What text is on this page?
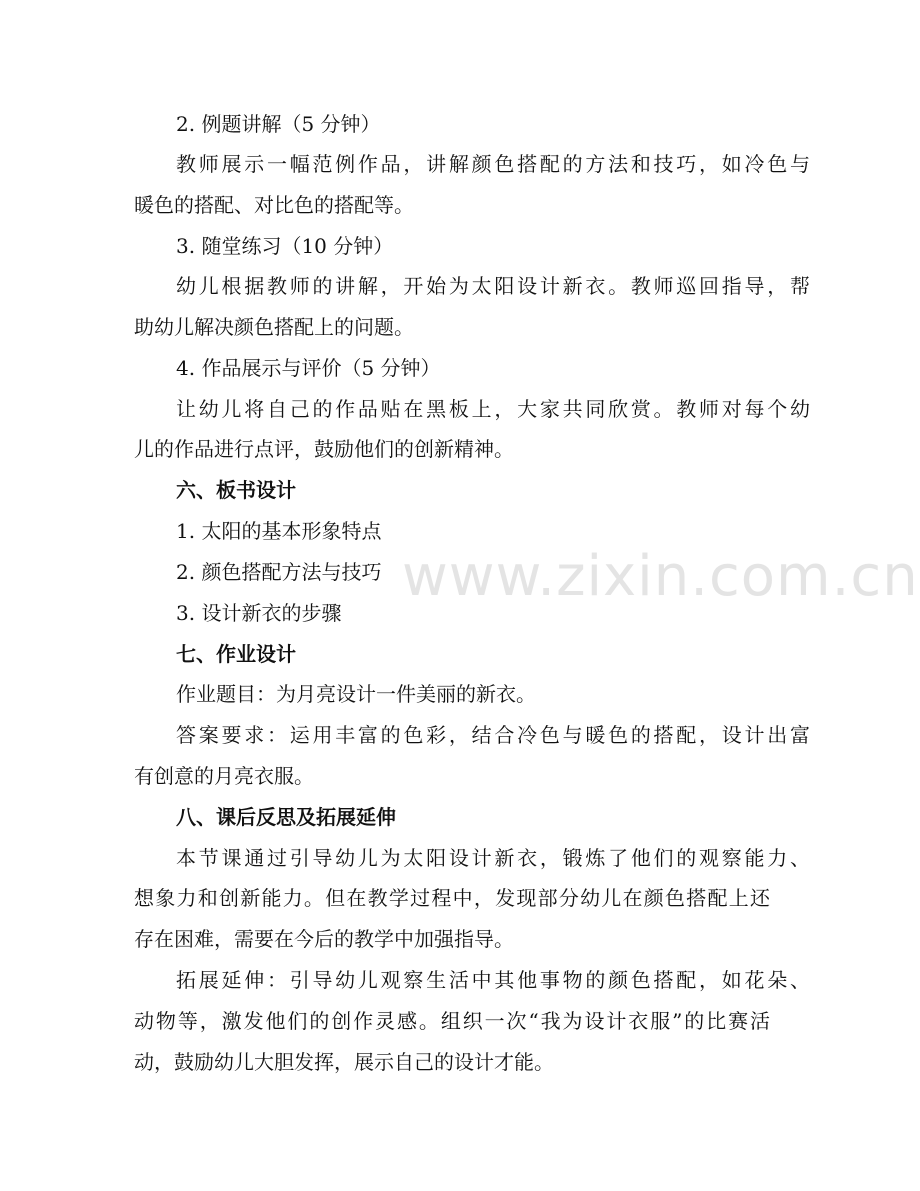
www.zixin.com.cn
2. 例题讲解（5 分钟）
教师展示一幅范例作品，讲解颜色搭配的方法和技巧，如冷色与
暖色的搭配、对比色的搭配等。
3. 随堂练习（10 分钟）
幼儿根据教师的讲解，开始为太阳设计新衣。教师巡回指导，帮
助幼儿解决颜色搭配上的问题。
4. 作品展示与评价（5 分钟）
让幼儿将自己的作品贴在黑板上，大家共同欣赏。教师对每个幼
儿的作品进行点评，鼓励他们的创新精神。
六、板书设计
1. 太阳的基本形象特点
2. 颜色搭配方法与技巧
3. 设计新衣的步骤
七、作业设计
作业题目：为月亮设计一件美丽的新衣。
答案要求：运用丰富的色彩，结合冷色与暖色的搭配，设计出富
有创意的月亮衣服。
八、课后反思及拓展延伸
本节课通过引导幼儿为太阳设计新衣，锻炼了他们的观察能力、
想象力和创新能力。但在教学过程中，发现部分幼儿在颜色搭配上还
存在困难，需要在今后的教学中加强指导。
拓展延伸：引导幼儿观察生活中其他事物的颜色搭配，如花朵、
动物等，激发他们的创作灵感。组织一次“我为设计衣服”的比赛活
动，鼓励幼儿大胆发挥，展示自己的设计才能。
